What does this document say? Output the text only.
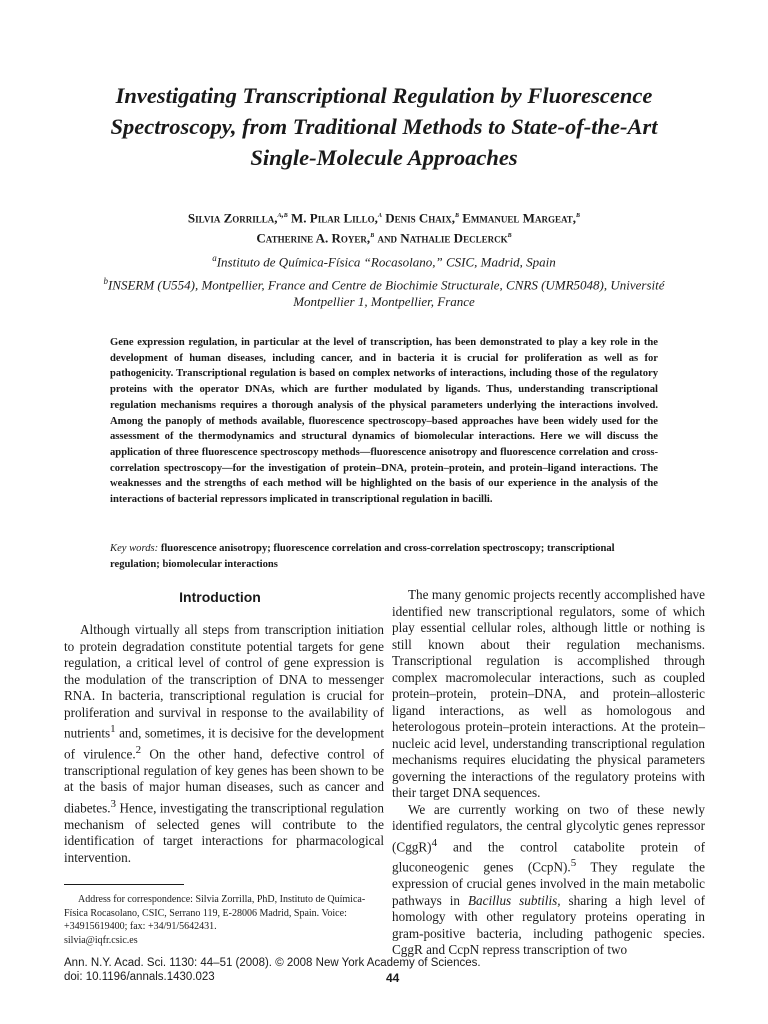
Investigating Transcriptional Regulation by Fluorescence Spectroscopy, from Traditional Methods to State-of-the-Art Single-Molecule Approaches
Silvia Zorrilla,$^{a,b}$ M. Pilar Lillo,$^a$ Denis Chaix,$^b$ Emmanuel Margeat,$^b$
Catherine A. Royer,$^b$ and Nathalie Declerck$^b$
$^a$Instituto de Química-Física “Rocasolano,” CSIC, Madrid, Spain
$^b$INSERM (U554), Montpellier, France and Centre de Biochimie Structurale, CNRS (UMR5048), Université Montpellier 1, Montpellier, France

Gene expression regulation, in particular at the level of transcription, has been demonstrated to play a key role in the development of human diseases, including cancer, and in bacteria it is crucial for proliferation as well as for pathogenicity. Transcriptional regulation is based on complex networks of interactions, including those of the regulatory proteins with the operator DNAs, which are further modulated by ligands. Thus, understanding transcriptional regulation mechanisms requires a thorough analysis of the physical parameters underlying the interactions involved. Among the panoply of methods available, fluorescence spectroscopy–based approaches have been widely used for the assessment of the thermodynamics and structural dynamics of biomolecular interactions. Here we will discuss the application of three fluorescence spectroscopy methods—fluorescence anisotropy and fluorescence correlation and cross-correlation spectroscopy—for the investigation of protein–DNA, protein–protein, and protein–ligand interactions. The weaknesses and the strengths of each method will be highlighted on the basis of our experience in the analysis of the interactions of bacterial repressors implicated in transcriptional regulation in bacilli.

Key words: fluorescence anisotropy; fluorescence correlation and cross-correlation spectroscopy; transcriptional regulation; biomolecular interactions

Introduction

Although virtually all steps from transcription initiation to protein degradation constitute potential targets for gene regulation, a critical level of control of gene expression is the modulation of the transcription of DNA to messenger RNA. In bacteria, transcriptional regulation is crucial for proliferation and survival in response to the availability of nutrients$^1$ and, sometimes, it is decisive for the development of virulence.$^2$ On the other hand, defective control of transcriptional regulation of key genes has been shown to be at the basis of major human diseases, such as cancer and diabetes.$^3$ Hence, investigating the transcriptional regulation mechanism of selected genes will contribute to the identification of target interactions for pharmacological intervention.

The many genomic projects recently accomplished have identified new transcriptional regulators, some of which play essential cellular roles, although little or nothing is still known about their regulation mechanisms. Transcriptional regulation is accomplished through complex macromolecular interactions, such as coupled protein–protein, protein–DNA, and protein–allosteric ligand interactions, as well as homologous and heterologous protein–protein interactions. At the protein–nucleic acid level, understanding transcriptional regulation mechanisms requires elucidating the physical parameters governing the interactions of the regulatory proteins with their target DNA sequences.

We are currently working on two of these newly identified regulators, the central glycolytic genes repressor (CggR)$^4$ and the control catabolite protein of gluconeogenic genes (CcpN).$^5$ They regulate the expression of crucial genes involved in the main metabolic pathways in Bacillus subtilis, sharing a high level of homology with other regulatory proteins operating in gram-positive bacteria, including pathogenic species. CggR and CcpN repress transcription of two

Address for correspondence: Silvia Zorrilla, PhD, Instituto de Química-Física Rocasolano, CSIC, Serrano 119, E-28006 Madrid, Spain. Voice: +34915619400; fax: +34/91/5642431.
silvia@iqfr.csic.es

Ann. N.Y. Acad. Sci. 1130: 44–51 (2008). © 2008 New York Academy of Sciences.
doi: 10.1196/annals.1430.023	44
